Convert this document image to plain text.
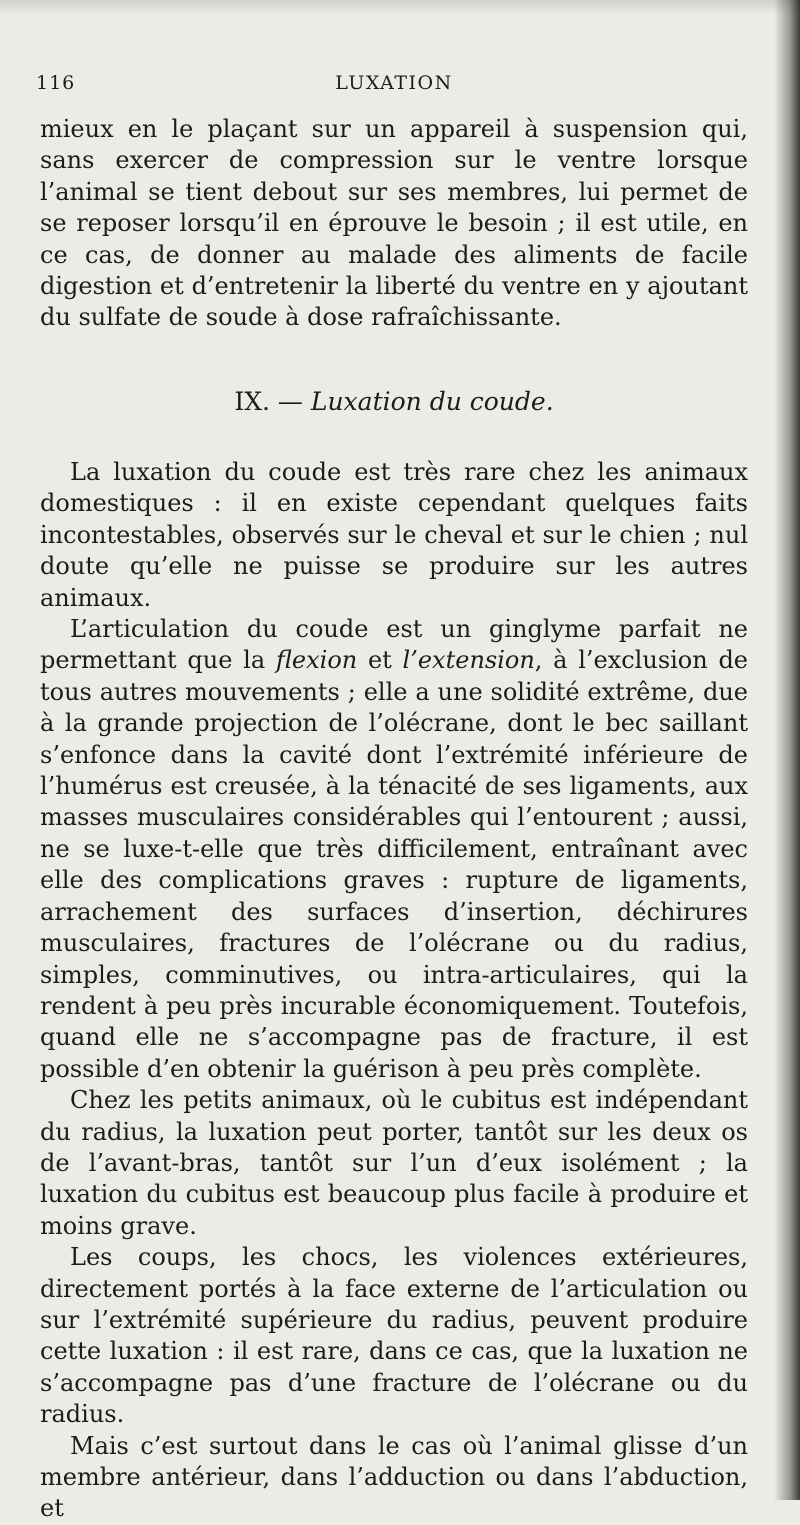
116	LUXATION

mieux en le plaçant sur un appareil à suspension qui, sans exercer de compression sur le ventre lorsque l’animal se tient debout sur ses membres, lui permet de se reposer lorsqu’il en éprouve le besoin ; il est utile, en ce cas, de donner au malade des aliments de facile digestion et d’entretenir la liberté du ventre en y ajoutant du sulfate de soude à dose rafraîchissante.

IX. — Luxation du coude.

La luxation du coude est très rare chez les animaux domestiques : il en existe cependant quelques faits incontestables, observés sur le cheval et sur le chien ; nul doute qu’elle ne puisse se produire sur les autres animaux.

L’articulation du coude est un ginglyme parfait ne permettant que la flexion et l’extension, à l’exclusion de tous autres mouvements ; elle a une solidité extrême, due à la grande projection de l’olécrane, dont le bec saillant s’enfonce dans la cavité dont l’extrémité inférieure de l’humérus est creusée, à la ténacité de ses ligaments, aux masses musculaires considérables qui l’entourent ; aussi, ne se luxe-t-elle que très difficilement, entraînant avec elle des complications graves : rupture de ligaments, arrachement des surfaces d’insertion, déchirures musculaires, fractures de l’olécrane ou du radius, simples, comminutives, ou intra-articulaires, qui la rendent à peu près incurable économiquement. Toutefois, quand elle ne s’accompagne pas de fracture, il est possible d’en obtenir la guérison à peu près complète.

Chez les petits animaux, où le cubitus est indépendant du radius, la luxation peut porter, tantôt sur les deux os de l’avant-bras, tantôt sur l’un d’eux isolément ; la luxation du cubitus est beaucoup plus facile à produire et moins grave.

Les coups, les chocs, les violences extérieures, directement portés à la face externe de l’articulation ou sur l’extrémité supérieure du radius, peuvent produire cette luxation : il est rare, dans ce cas, que la luxation ne s’accompagne pas d’une fracture de l’olécrane ou du radius.

Mais c’est surtout dans le cas où l’animal glisse d’un membre antérieur, dans l’adduction ou dans l’abduction, et
